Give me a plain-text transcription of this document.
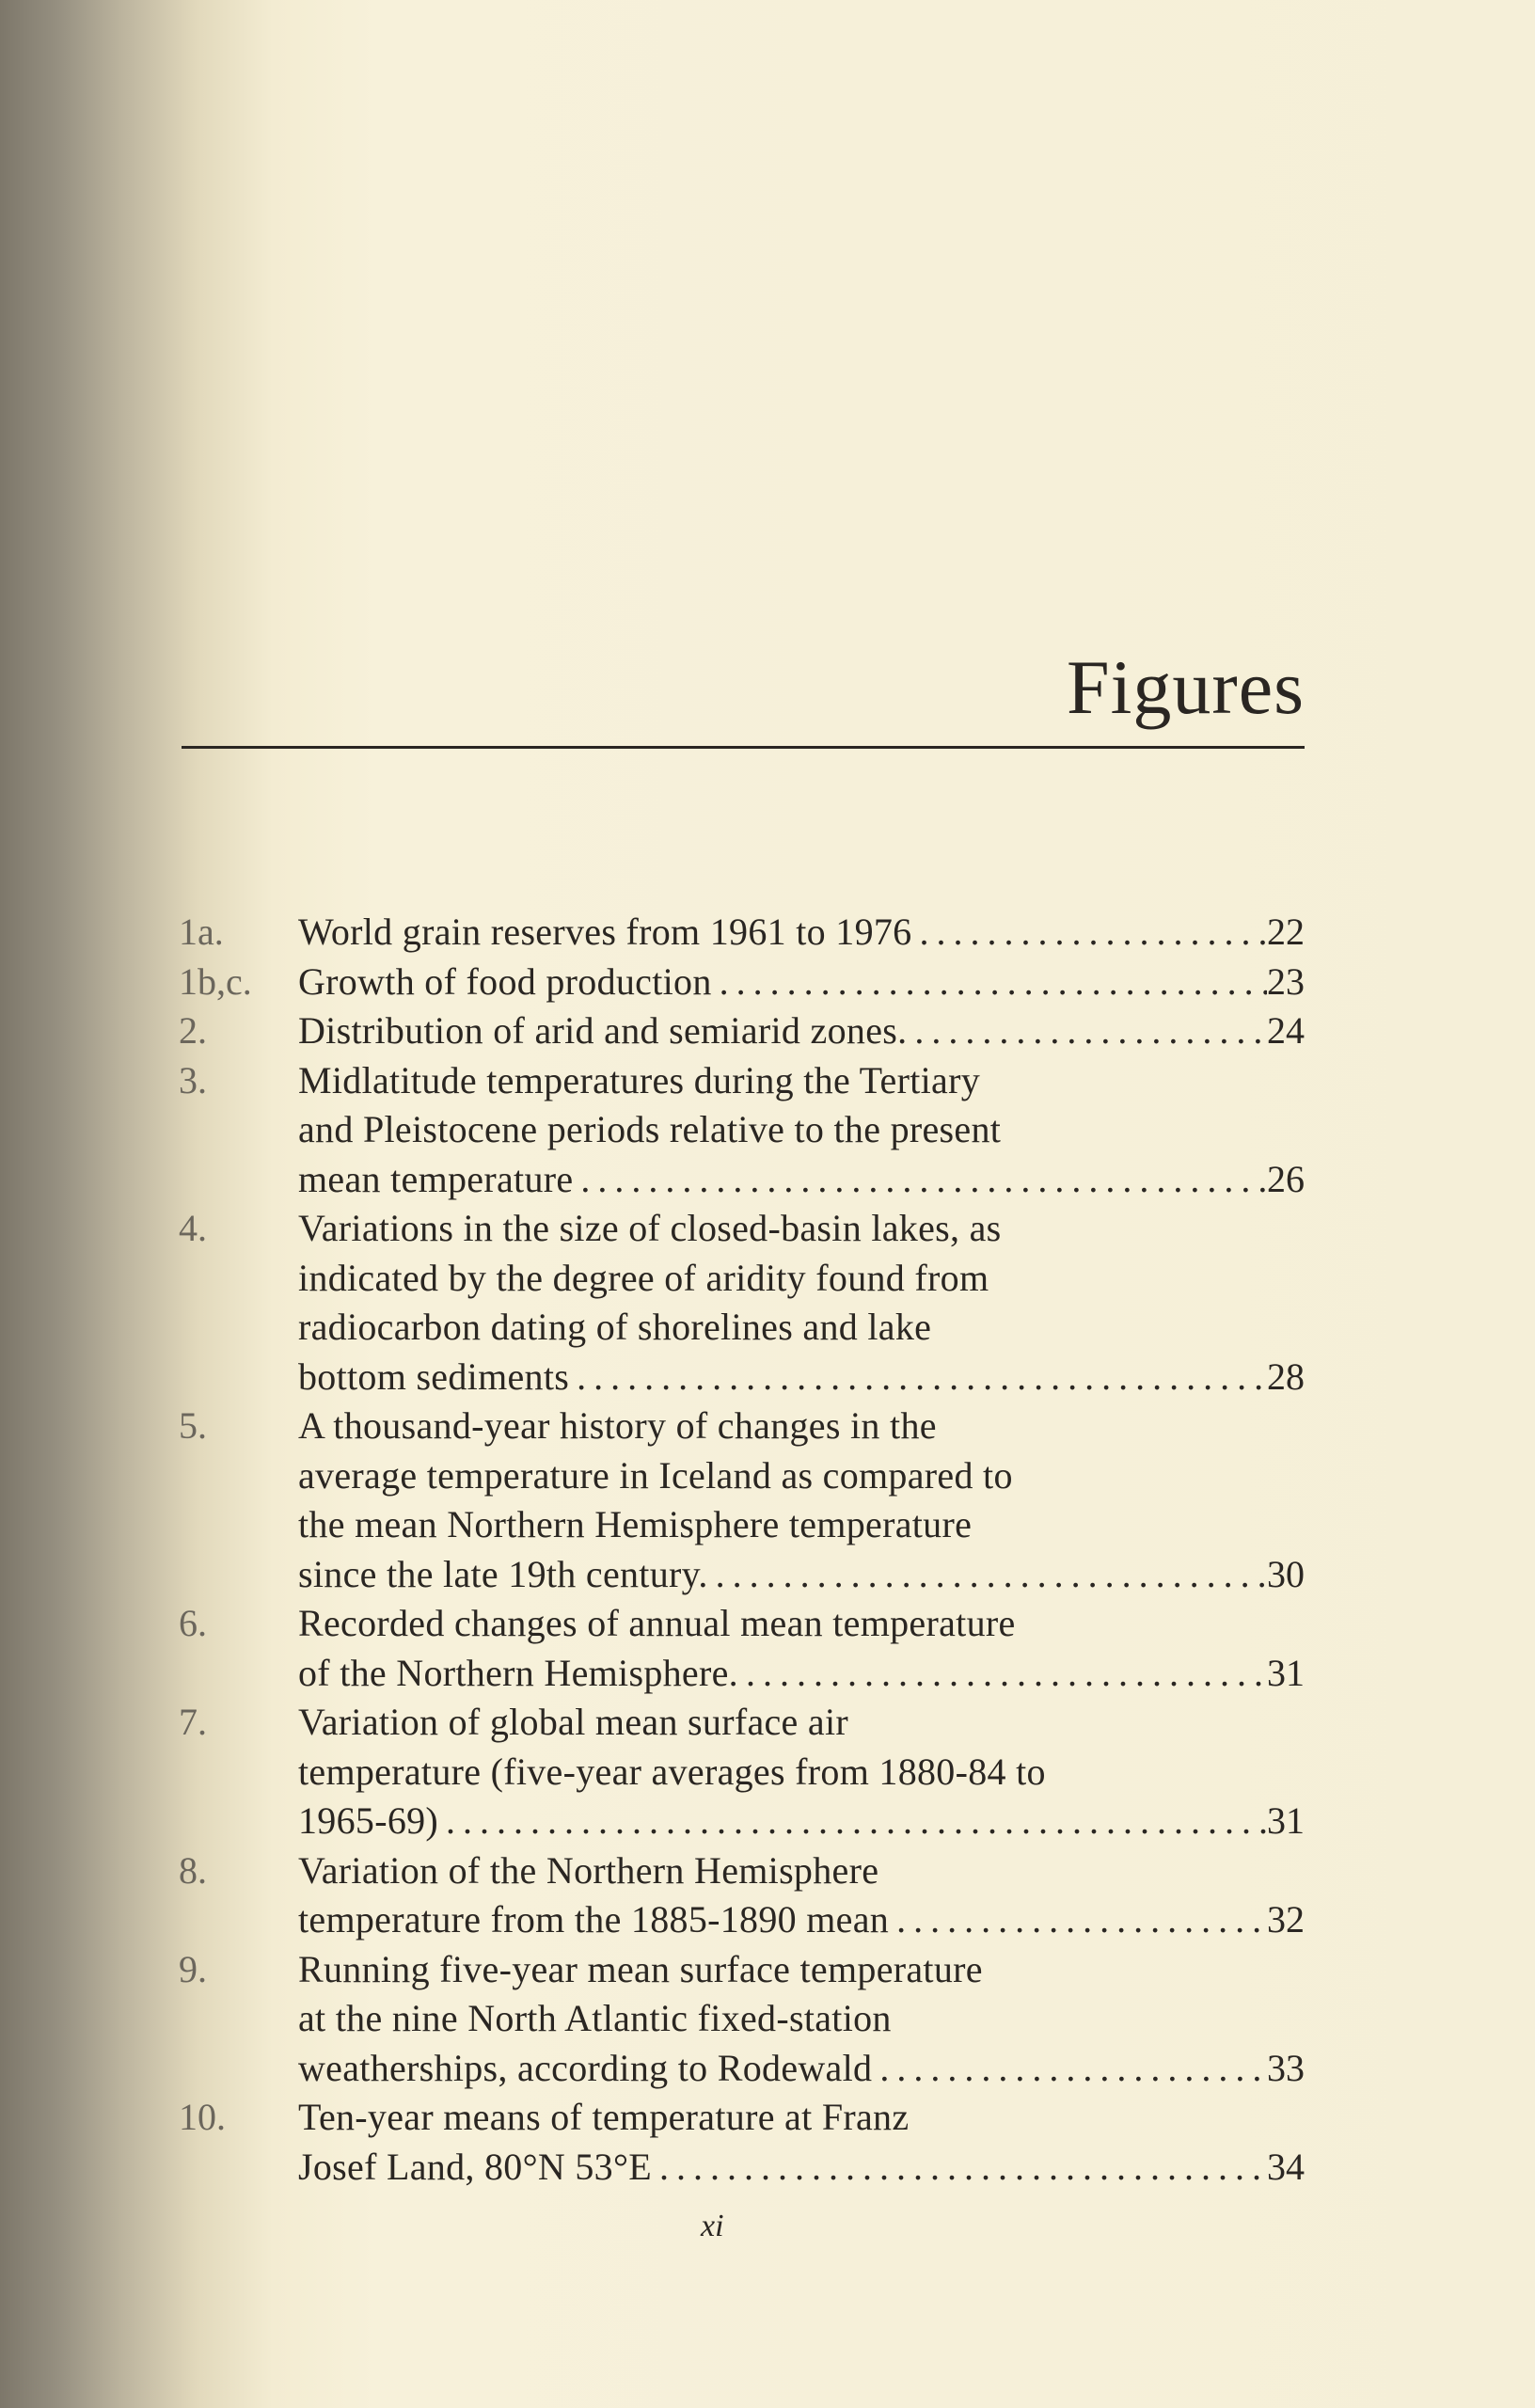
Figures
1a.	World grain reserves from 1961 to 1976 . . .	22
1b,c.	Growth of food production . . .	23
2.	Distribution of arid and semiarid zones. . . .	24
3.	Midlatitude temperatures during the Tertiary
and Pleistocene periods relative to the present
mean temperature . . .	26
4.	Variations in the size of closed-basin lakes, as
indicated by the degree of aridity found from
radiocarbon dating of shorelines and lake
bottom sediments . . .	28
5.	A thousand-year history of changes in the
average temperature in Iceland as compared to
the mean Northern Hemisphere temperature
since the late 19th century. . . .	30
6.	Recorded changes of annual mean temperature
of the Northern Hemisphere. . . .	31
7.	Variation of global mean surface air
temperature (five-year averages from 1880-84 to
1965-69) . . .	31
8.	Variation of the Northern Hemisphere
temperature from the 1885-1890 mean . . .	32
9.	Running five-year mean surface temperature
at the nine North Atlantic fixed-station
weatherships, according to Rodewald . . .	33
10.	Ten-year means of temperature at Franz
Josef Land, 80°N 53°E . . .	34
xi
